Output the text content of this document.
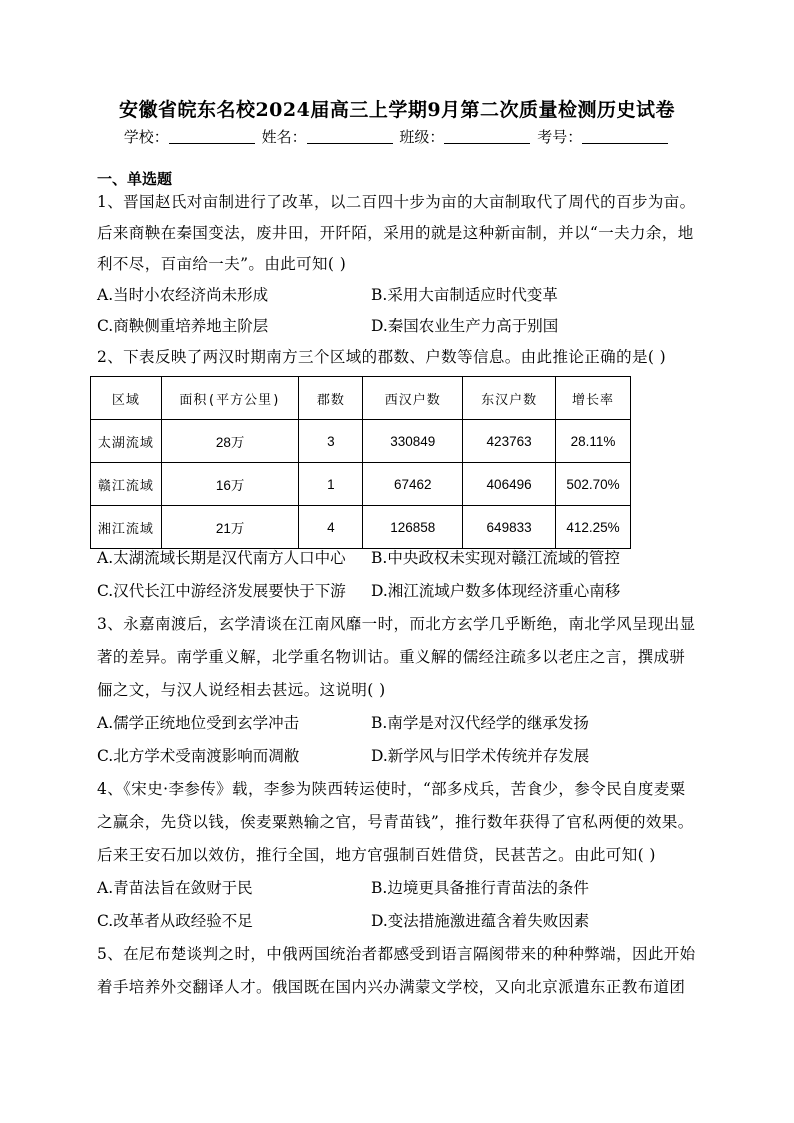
安徽省皖东名校2024届高三上学期9月第二次质量检测历史试卷
学校：	姓名：	班级：	考号：
一、单选题
1、晋国赵氏对亩制进行了改革，以二百四十步为亩的大亩制取代了周代的百步为亩。
后来商鞅在秦国变法，废井田，开阡陌，采用的就是这种新亩制，并以“一夫力余，地
利不尽，百亩给一夫”。由此可知( )
A.当时小农经济尚未形成	B.采用大亩制适应时代变革
C.商鞅侧重培养地主阶层	D.秦国农业生产力高于别国
2、下表反映了两汉时期南方三个区域的郡数、户数等信息。由此推论正确的是( )
区域	面积(平方公里)	郡数	西汉户数	东汉户数	增长率
太湖流域	28万	3	330849	423763	28.11%
赣江流域	16万	1	67462	406496	502.70%
湘江流域	21万	4	126858	649833	412.25%
A.太湖流域长期是汉代南方人口中心 B.中央政权未实现对赣江流域的管控
C.汉代长江中游经济发展要快于下游 D.湘江流域户数多体现经济重心南移
3、永嘉南渡后，玄学清谈在江南风靡一时，而北方玄学几乎断绝，南北学风呈现出显
著的差异。南学重义解，北学重名物训诂。重义解的儒经注疏多以老庄之言，撰成骈
俪之文，与汉人说经相去甚远。这说明( )
A.儒学正统地位受到玄学冲击	B.南学是对汉代经学的继承发扬
C.北方学术受南渡影响而凋敝	D.新学风与旧学术传统并存发展
4、《宋史·李参传》载，李参为陕西转运使时，“部多戍兵，苦食少，参令民自度麦粟
之赢余，先贷以钱，俟麦粟熟输之官，号青苗钱”，推行数年获得了官私两便的效果。
后来王安石加以效仿，推行全国，地方官强制百姓借贷，民甚苦之。由此可知( )
A.青苗法旨在敛财于民	B.边境更具备推行青苗法的条件
C.改革者从政经验不足	D.变法措施激进蕴含着失败因素
5、在尼布楚谈判之时，中俄两国统治者都感受到语言隔阂带来的种种弊端，因此开始
着手培养外交翻译人才。俄国既在国内兴办满蒙文学校，又向北京派遣东正教布道团
